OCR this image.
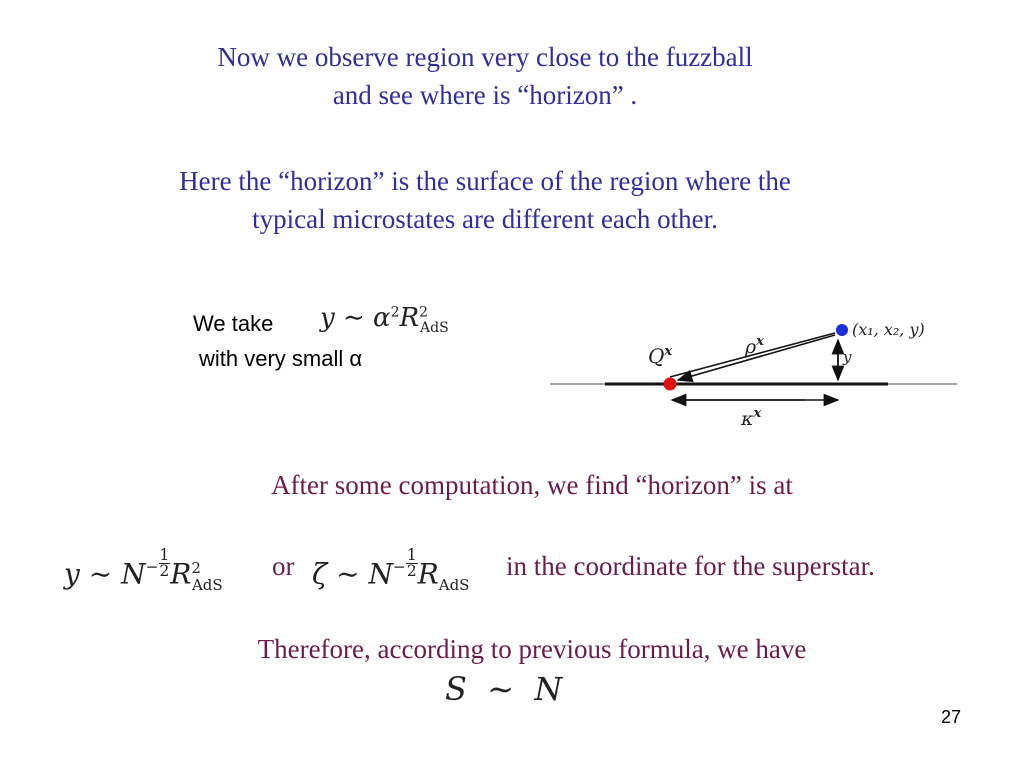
Now we observe region very close to the fuzzball
and see where is “horizon” .
Here the “horizon” is the surface of the region where the
typical microstates are different each other.
We take
with very small α
y ∼ $\alpha^2R^2_{AdS}$
$Q^x$	$\rho^x$
y
$\kappa^x$
(x₁, x₂, y)
After some computation, we find “horizon” is at
y ∼ $N- \frac{1}{2} R^2_{AdS}$
or ζ ∼ $N- \frac{1}{2} R_{AdS}$
in the coordinate for the superstar.
Therefore, according to previous formula, we have
S  ∼  N
27
